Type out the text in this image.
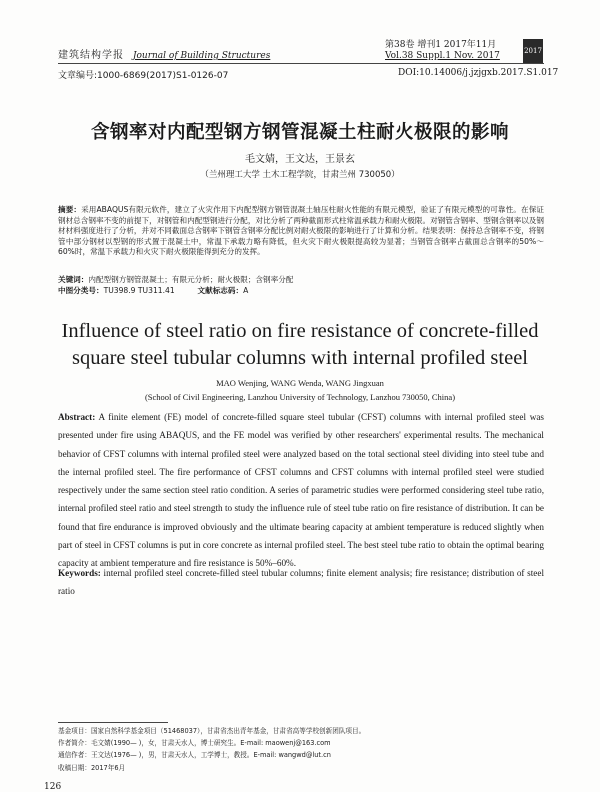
建筑结构学报 Journal of Building Structures
第38卷 增刊1 2017年11月
Vol.38 Suppl.1 Nov. 2017	2017
文章编号:1000-6869(2017)S1-0126-07	DOI:10.14006/j.jzjgxb.2017.S1.017
含钢率对内配型钢方钢管混凝土柱耐火极限的影响
毛文婧，王文达，王景玄
（兰州理工大学 土木工程学院，甘肃兰州 730050）
摘要：采用ABAQUS有限元软件，建立了火灾作用下内配型钢方钢管混凝土轴压柱耐火性能的有限元模型，验证了有限元模型的可靠性。在保证钢材总含钢率不变的前提下，对钢管和内配型钢进行分配，对比分析了两种截面形式柱常温承载力和耐火极限。对钢管含钢率、型钢含钢率以及钢材材料强度进行了分析，并对不同截面总含钢率下钢管含钢率分配比例对耐火极限的影响进行了计算和分析。结果表明：保持总含钢率不变，将钢管中部分钢材以型钢的形式置于混凝土中，常温下承载力略有降低，但火灾下耐火极限提高较为显著；当钢管含钢率占截面总含钢率的50%～60%时，常温下承载力和火灾下耐火极限能得到充分的发挥。
关键词：内配型钢方钢管混凝土；有限元分析；耐火极限；含钢率分配
中图分类号：TU398.9 TU311.41	文献标志码：A
Influence of steel ratio on fire resistance of concrete-filled square steel tubular columns with internal profiled steel
MAO Wenjing, WANG Wenda, WANG Jingxuan
(School of Civil Engineering, Lanzhou University of Technology, Lanzhou 730050, China)
Abstract: A finite element (FE) model of concrete-filled square steel tubular (CFST) columns with internal profiled steel was presented under fire using ABAQUS, and the FE model was verified by other researchers' experimental results. The mechanical behavior of CFST columns with internal profiled steel were analyzed based on the total sectional steel dividing into steel tube and the internal profiled steel. The fire performance of CFST columns and CFST columns with internal profiled steel were studied respectively under the same section steel ratio condition. A series of parametric studies were performed considering steel tube ratio, internal profiled steel ratio and steel strength to study the influence rule of steel tube ratio on fire resistance of distribution. It can be found that fire endurance is improved obviously and the ultimate bearing capacity at ambient temperature is reduced slightly when part of steel in CFST columns is put in core concrete as internal profiled steel. The best steel tube ratio to obtain the optimal bearing capacity at ambient temperature and fire resistance is 50%–60%.
Keywords: internal profiled steel concrete-filled steel tubular columns; finite element analysis; fire resistance; distribution of steel ratio
基金项目：国家自然科学基金项目（51468037），甘肃省杰出青年基金，甘肃省高等学校创新团队项目。
作者简介：毛文婧(1990— )，女，甘肃天水人，博士研究生。E-mail: maowenj@163.com
通信作者：王文达(1976— )，男，甘肃天水人，工学博士，教授。E-mail: wangwd@lut.cn
收稿日期：2017年6月
126
